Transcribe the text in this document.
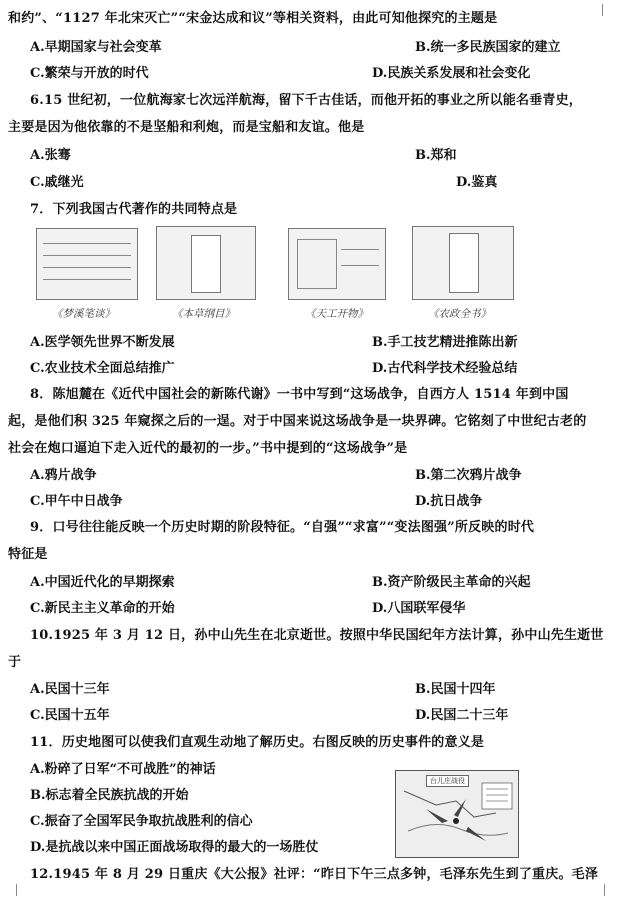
和约”、“1127 年北宋灭亡”“宋金达成和议”等相关资料，由此可知他探究的主题是
A.早期国家与社会变革	B.统一多民族国家的建立
C.繁荣与开放的时代	D.民族关系发展和社会变化
6.15 世纪初，一位航海家七次远洋航海，留下千古佳话，而他开拓的事业之所以能名垂青史，
主要是因为他依靠的不是坚船和利炮，而是宝船和友谊。他是
A.张骞	B.郑和
C.戚继光	D.鉴真
7．下列我国古代著作的共同特点是
《梦溪笔谈》	《本草纲目》	《天工开物》	《农政全书》
A.医学领先世界不断发展	B.手工技艺精进推陈出新
C.农业技术全面总结推广	D.古代科学技术经验总结
8．陈旭麓在《近代中国社会的新陈代谢》一书中写到“这场战争，自西方人 1514 年到中国
起，是他们积 325 年窥探之后的一逞。对于中国来说这场战争是一块界碑。它铭刻了中世纪古老的
社会在炮口逼迫下走入近代的最初的一步。”书中提到的“这场战争”是
A.鸦片战争	B.第二次鸦片战争
C.甲午中日战争	D.抗日战争
9．口号往往能反映一个历史时期的阶段特征。“自强”“求富”“变法图强”所反映的时代
特征是
A.中国近代化的早期探索	B.资产阶级民主革命的兴起
C.新民主主义革命的开始	D.八国联军侵华
10.1925 年 3 月 12 日，孙中山先生在北京逝世。按照中华民国纪年方法计算，孙中山先生逝世
于
A.民国十三年	B.民国十四年
C.民国十五年	D.民国二十三年
11．历史地图可以使我们直观生动地了解历史。右图反映的历史事件的意义是
A.粉碎了日军“不可战胜”的神话
B.标志着全民族抗战的开始
C.振奋了全国军民争取抗战胜利的信心
D.是抗战以来中国正面战场取得的最大的一场胜仗
台儿庄战役
12.1945 年 8 月 29 日重庆《大公报》社评：“昨日下午三点多钟，毛泽东先生到了重庆。毛泽
